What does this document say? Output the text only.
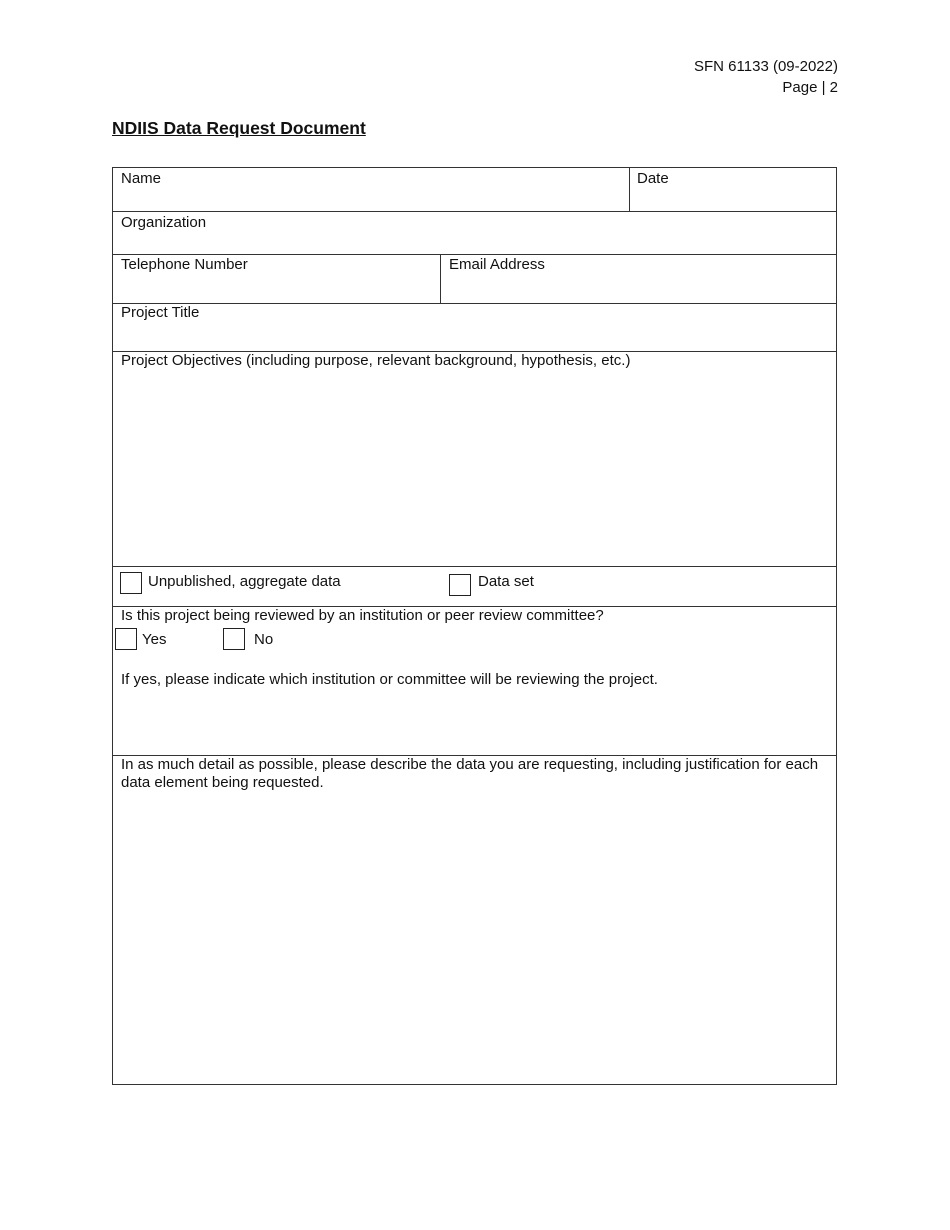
SFN 61133 (09-2022)
Page | 2
NDIIS Data Request Document
Name	Date
Organization
Telephone Number	Email Address
Project Title
Project Objectives (including purpose, relevant background, hypothesis, etc.)
Unpublished, aggregate data	Data set
Is this project being reviewed by an institution or peer review committee?
Yes	No
If yes, please indicate which institution or committee will be reviewing the project.
In as much detail as possible, please describe the data you are requesting, including justification for each data element being requested.
